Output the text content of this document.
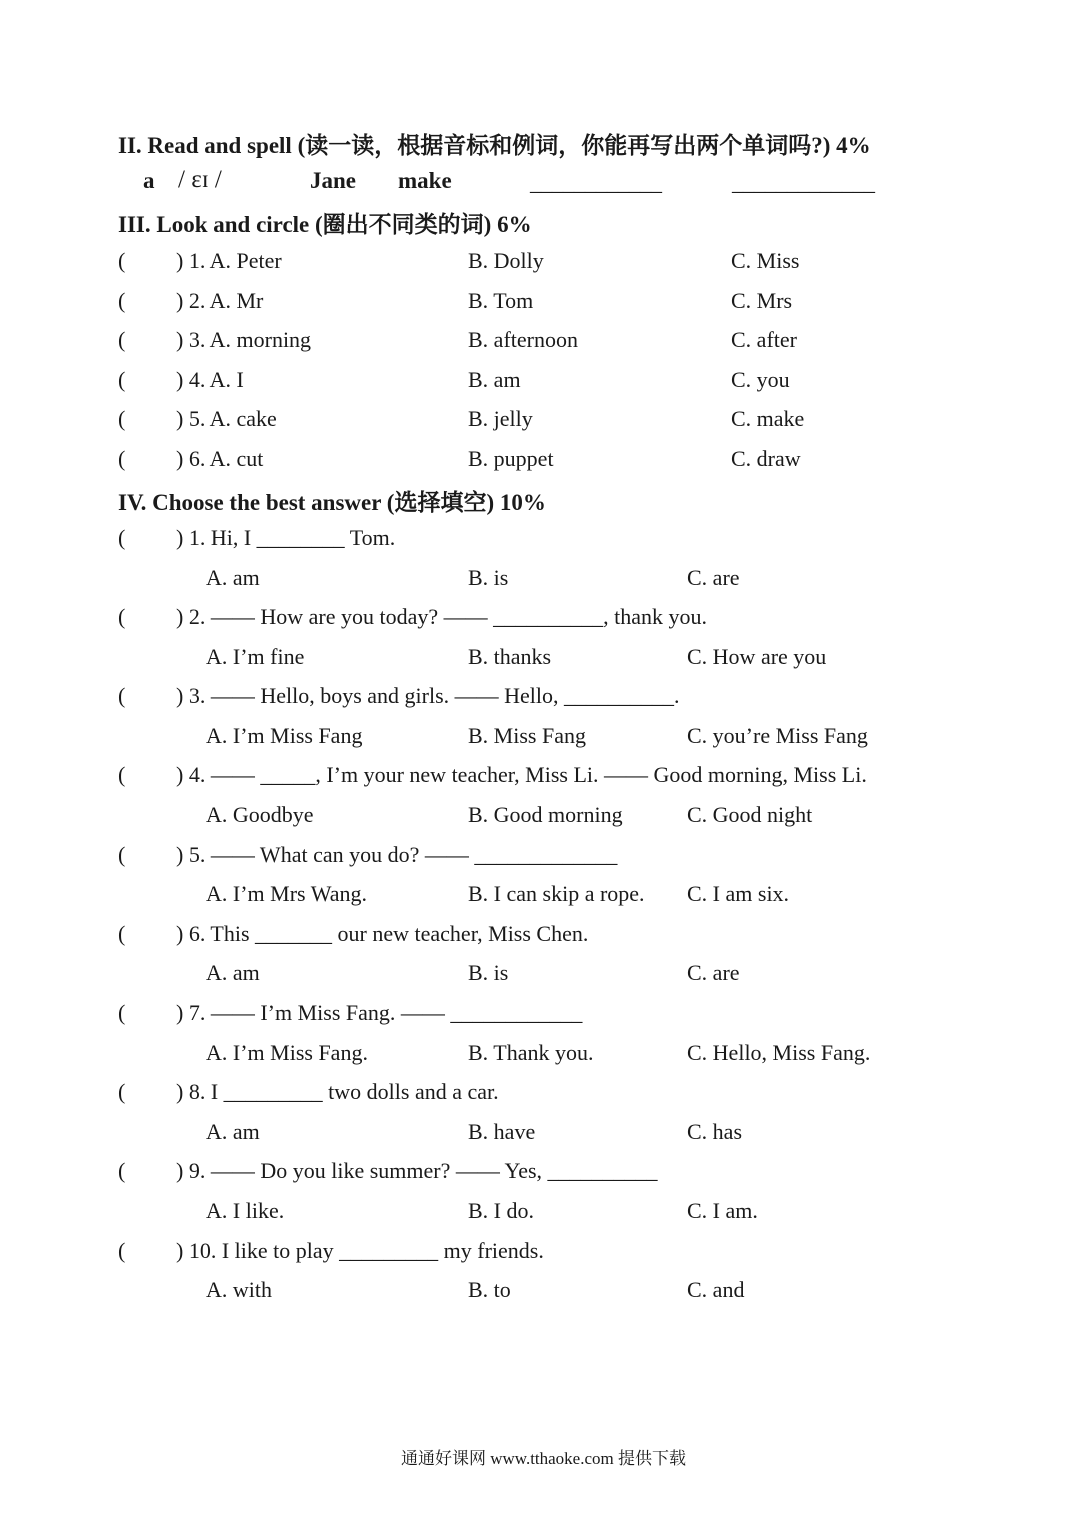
II. Read and spell (读一读，根据音标和例词，你能再写出两个单词吗?) 4%
a / ɛɪ /	Jane make	____________	_____________
III. Look and circle (圈出不同类的词) 6%
( ) 1. A. Peter	B. Dolly	C. Miss
( ) 2. A. Mr	B. Tom	C. Mrs
( ) 3. A. morning	B. afternoon	C. after
( ) 4. A. I	B. am	C. you
( ) 5. A. cake	B. jelly	C. make
( ) 6. A. cut	B. puppet	C. draw
IV. Choose the best answer (选择填空) 10%
( ) 1. Hi, I ________ Tom.
A. am	B. is	C. are
( ) 2. —— How are you today? —— __________, thank you.
A. I’m fine	B. thanks	C. How are you
( ) 3. —— Hello, boys and girls. —— Hello, __________.
A. I’m Miss Fang	B. Miss Fang	C. you’re Miss Fang
( ) 4. —— _____, I’m your new teacher, Miss Li. —— Good morning, Miss Li.
A. Goodbye	B. Good morning	C. Good night
( ) 5. —— What can you do? —— _____________
A. I’m Mrs Wang.	B. I can skip a rope. C. I am six.
( ) 6. This _______ our new teacher, Miss Chen.
A. am	B. is	C. are
( ) 7. —— I’m Miss Fang. —— ____________
A. I’m Miss Fang.	B. Thank you.	C. Hello, Miss Fang.
( ) 8. I _________ two dolls and a car.
A. am	B. have	C. has
( ) 9. —— Do you like summer? —— Yes, __________
A. I like.	B. I do.	C. I am.
( ) 10. I like to play _________ my friends.
A. with	B. to	C. and
通通好课网 www.tthaoke.com 提供下载
